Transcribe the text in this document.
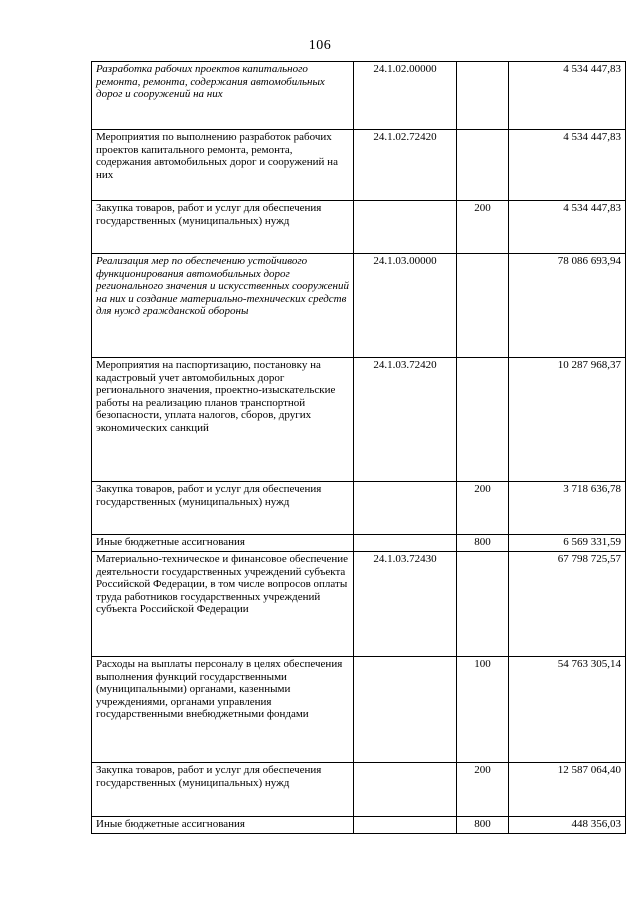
106
Разработка рабочих проектов капитального ремонта, ремонта, содержания автомобильных дорог и сооружений на них	24.1.02.00000		4 534 447,83
Мероприятия по выполнению разработок рабочих проектов капитального ремонта, ремонта, содержания автомобильных дорог и сооружений на них	24.1.02.72420		4 534 447,83
Закупка товаров, работ и услуг для обеспечения государственных (муниципальных) нужд		200	4 534 447,83
Реализация мер по обеспечению устойчивого функционирования автомобильных дорог регионального значения и искусственных сооружений на них и создание материально-технических средств для нужд гражданской обороны	24.1.03.00000		78 086 693,94
Мероприятия на паспортизацию, постановку на кадастровый учет автомобильных дорог регионального значения, проектно-изыскательские работы на реализацию планов транспортной безопасности, уплата налогов, сборов, других экономических санкций	24.1.03.72420		10 287 968,37
Закупка товаров, работ и услуг для обеспечения государственных (муниципальных) нужд		200	3 718 636,78
Иные бюджетные ассигнования		800	6 569 331,59
Материально-техническое и финансовое обеспечение деятельности государственных учреждений субъекта Российской Федерации, в том числе вопросов оплаты труда работников государственных учреждений субъекта Российской Федерации	24.1.03.72430		67 798 725,57
Расходы на выплаты персоналу в целях обеспечения выполнения функций государственными (муниципальными) органами, казенными учреждениями, органами управления государственными внебюджетными фондами		100	54 763 305,14
Закупка товаров, работ и услуг для обеспечения государственных (муниципальных) нужд		200	12 587 064,40
Иные бюджетные ассигнования		800	448 356,03
